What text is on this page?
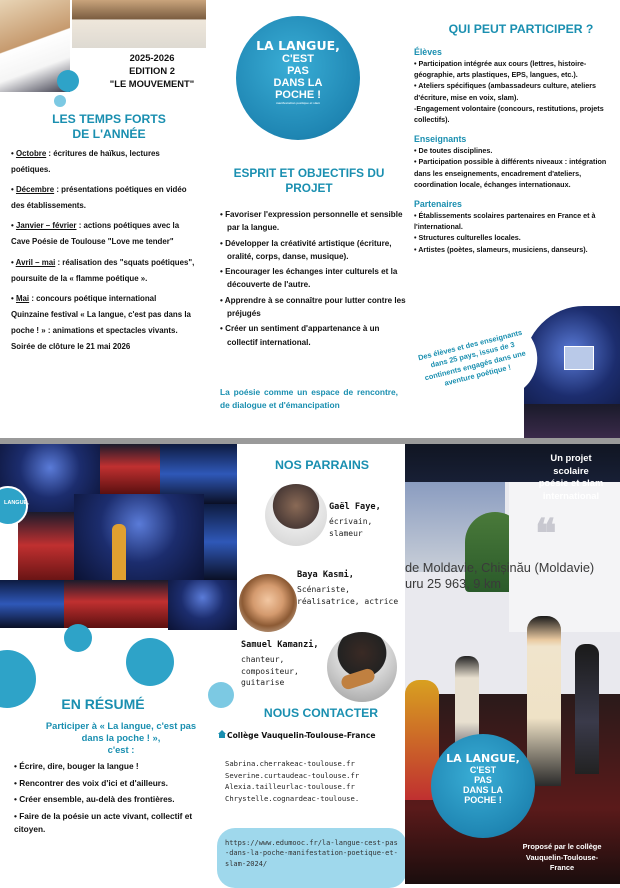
2025-2026
EDITION 2
"LE MOUVEMENT"
LES TEMPS FORTS
DE L'ANNÉE
• Octobre : écritures de haïkus, lectures poétiques.
• Décembre : présentations poétiques en vidéo des établissements.
• Janvier – février : actions poétiques avec la Cave Poésie de Toulouse "Love me tender"
• Avril – mai : réalisation des "squats poétiques", poursuite de la « flamme poétique ».
• Mai : concours poétique international Quinzaine festival « La langue, c'est pas dans la poche ! » : animations et spectacles vivants. Soirée de clôture le 21 mai 2026
LA LANGUE,
C'EST
PAS
DANS LA
POCHE !
manifestation poétique et slam
ESPRIT ET OBJECTIFS DU
PROJET
• Favoriser l'expression personnelle et sensible par la langue.
• Développer la créativité artistique (écriture, oralité, corps, danse, musique).
• Encourager les échanges inter culturels et la découverte de l'autre.
• Apprendre à se connaître pour lutter contre les préjugés
• Créer un sentiment d'appartenance à un collectif international.
La poésie comme un espace de rencontre, de dialogue et d'émancipation
QUI PEUT PARTICIPER ?
Élèves
• Participation intégrée aux cours (lettres, histoire-géographie, arts plastiques, EPS, langues, etc.).
• Ateliers spécifiques (ambassadeurs culture, ateliers d'écriture, mise en voix, slam).
-Engagement volontaire (concours, restitutions, projets collectifs).
Enseignants
• De toutes disciplines.
• Participation possible à différents niveaux : intégration dans les enseignements, encadrement d'ateliers, coordination locale, échanges internationaux.
Partenaires
• Établissements scolaires partenaires en France et à l'international.
• Structures culturelles locales.
• Artistes (poètes, slameurs, musiciens, danseurs).
Des élèves et des enseignants dans 25 pays, issus de 3 continents engagés dans une aventure poétique !
LANGUE,
EN RÉSUMÉ
Participer à « La langue, c'est pas
dans la poche ! »,
c'est :
• Écrire, dire, bouger la langue !
• Rencontrer des voix d'ici et d'ailleurs.
• Créer ensemble, au-delà des frontières.
• Faire de la poésie un acte vivant, collectif et citoyen.
NOS PARRAINS
Gaël Faye,
écrivain, slameur
Baya Kasmi,
Scénariste, réalisatrice, actrice
Samuel Kamanzi,
chanteur, compositeur, guitarise
NOUS CONTACTER
Collège Vauquelin-Toulouse-France
Sabrina.cherrakeac-toulouse.fr
Severine.curtaudeac-toulouse.fr
Alexia.tailleurlac-toulouse.fr
Chrystelle.cognardeac-toulouse.
https://www.edumooc.fr/la-langue-cest-pas-dans-la-poche-manifestation-poetique-et-slam-2024/
❝
de Moldavie, Chișinău (Moldavie)
uru 25 963, 9 km
Un projet
scolaire
poésie et slam
international
LA LANGUE,
C'EST
PAS
DANS LA
POCHE !
Proposé par le collège
Vauquelin-Toulouse-
France
